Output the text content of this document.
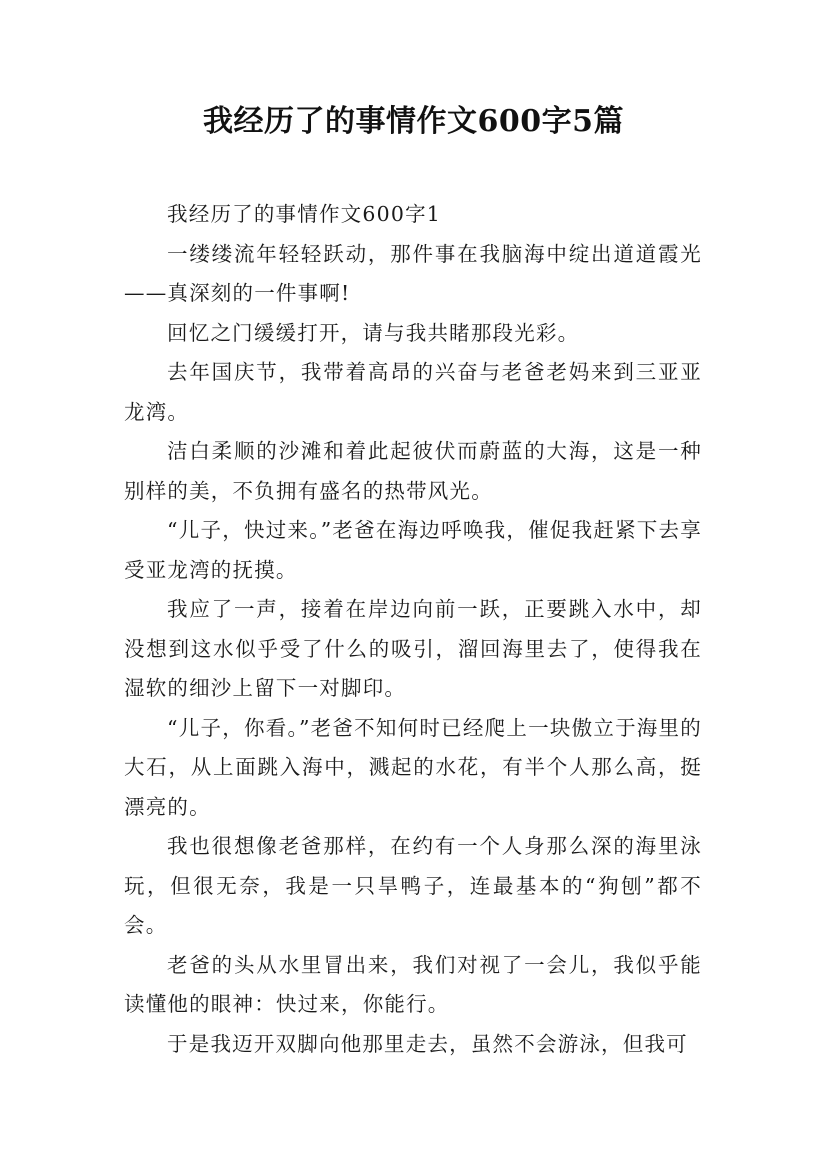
我经历了的事情作文600字5篇

我经历了的事情作文600字1

一缕缕流年轻轻跃动，那件事在我脑海中绽出道道霞光——真深刻的一件事啊!

回忆之门缓缓打开，请与我共睹那段光彩。

去年国庆节，我带着高昂的兴奋与老爸老妈来到三亚亚龙湾。

洁白柔顺的沙滩和着此起彼伏而蔚蓝的大海，这是一种别样的美，不负拥有盛名的热带风光。

“儿子，快过来。”老爸在海边呼唤我，催促我赶紧下去享受亚龙湾的抚摸。

我应了一声，接着在岸边向前一跃，正要跳入水中，却没想到这水似乎受了什么的吸引，溜回海里去了，使得我在湿软的细沙上留下一对脚印。

“儿子，你看。”老爸不知何时已经爬上一块傲立于海里的大石，从上面跳入海中，溅起的水花，有半个人那么高，挺漂亮的。

我也很想像老爸那样，在约有一个人身那么深的海里泳玩，但很无奈，我是一只旱鸭子，连最基本的“狗刨”都不会。

老爸的头从水里冒出来，我们对视了一会儿，我似乎能读懂他的眼神：快过来，你能行。

于是我迈开双脚向他那里走去，虽然不会游泳，但我可
